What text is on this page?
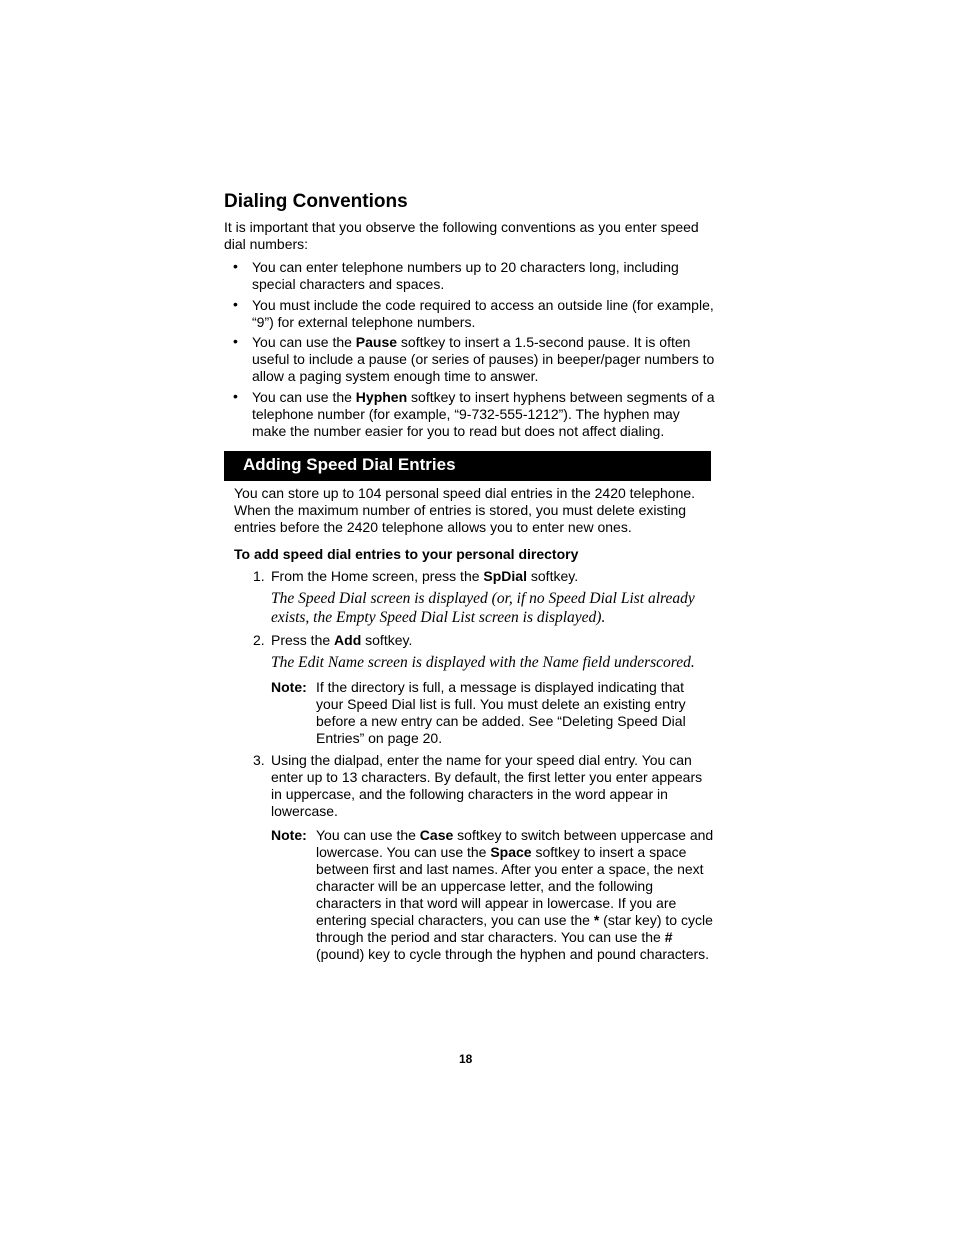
Dialing Conventions
It is important that you observe the following conventions as you enter speed dial numbers:
• You can enter telephone numbers up to 20 characters long, including special characters and spaces.
• You must include the code required to access an outside line (for example, “9”) for external telephone numbers.
• You can use the Pause softkey to insert a 1.5-second pause. It is often useful to include a pause (or series of pauses) in beeper/pager numbers to allow a paging system enough time to answer.
• You can use the Hyphen softkey to insert hyphens between segments of a telephone number (for example, “9-732-555-1212”). The hyphen may make the number easier for you to read but does not affect dialing.
Adding Speed Dial Entries
You can store up to 104 personal speed dial entries in the 2420 telephone. When the maximum number of entries is stored, you must delete existing entries before the 2420 telephone allows you to enter new ones.
To add speed dial entries to your personal directory
1. From the Home screen, press the SpDial softkey.
The Speed Dial screen is displayed (or, if no Speed Dial List already exists, the Empty Speed Dial List screen is displayed).
2. Press the Add softkey.
The Edit Name screen is displayed with the Name field underscored.
Note: If the directory is full, a message is displayed indicating that your Speed Dial list is full. You must delete an existing entry before a new entry can be added. See “Deleting Speed Dial Entries” on page 20.
3. Using the dialpad, enter the name for your speed dial entry. You can enter up to 13 characters. By default, the first letter you enter appears in uppercase, and the following characters in the word appear in lowercase.
Note: You can use the Case softkey to switch between uppercase and lowercase. You can use the Space softkey to insert a space between first and last names. After you enter a space, the next character will be an uppercase letter, and the following characters in that word will appear in lowercase. If you are entering special characters, you can use the * (star key) to cycle through the period and star characters. You can use the # (pound) key to cycle through the hyphen and pound characters.
18
